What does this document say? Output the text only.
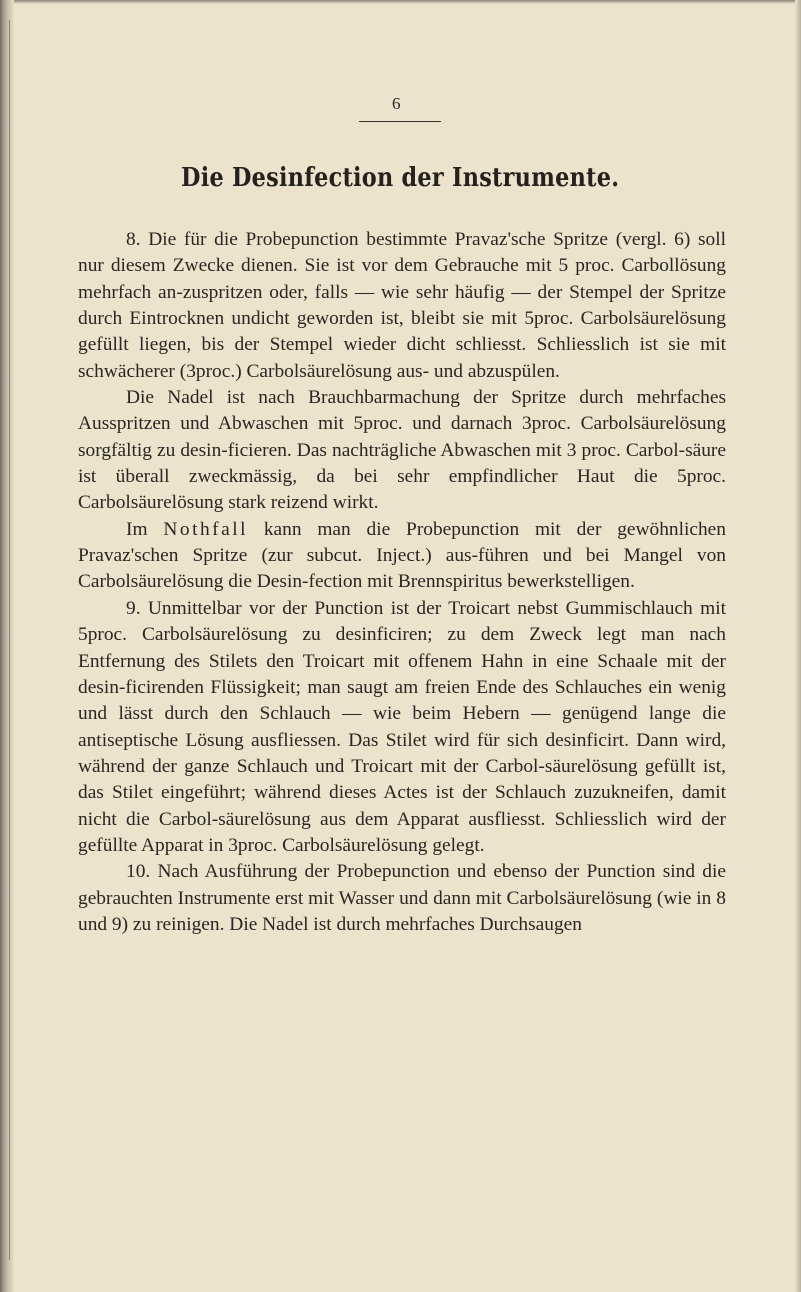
6
Die Desinfection der Instrumente.

8. Die für die Probepunction bestimmte Pravaz'sche Spritze (vergl. 6) soll nur diesem Zwecke dienen. Sie ist vor dem Gebrauche mit 5 proc. Carbollösung mehrfach an-zuspritzen oder, falls — wie sehr häufig — der Stempel der Spritze durch Eintrocknen undicht geworden ist, bleibt sie mit 5proc. Carbolsäurelösung gefüllt liegen, bis der Stempel wieder dicht schliesst. Schliesslich ist sie mit schwächerer (3proc.) Carbolsäurelösung aus- und abzuspülen.

Die Nadel ist nach Brauchbarmachung der Spritze durch mehrfaches Ausspritzen und Abwaschen mit 5proc. und darnach 3proc. Carbolsäurelösung sorgfältig zu desin-ficieren. Das nachträgliche Abwaschen mit 3 proc. Carbol-säure ist überall zweckmässig, da bei sehr empfindlicher Haut die 5proc. Carbolsäurelösung stark reizend wirkt.

Im Nothfall kann man die Probepunction mit der gewöhnlichen Pravaz'schen Spritze (zur subcut. Inject.) aus-führen und bei Mangel von Carbolsäurelösung die Desin-fection mit Brennspiritus bewerkstelligen.

9. Unmittelbar vor der Punction ist der Troicart nebst Gummischlauch mit 5proc. Carbolsäurelösung zu desinficiren; zu dem Zweck legt man nach Entfernung des Stilets den Troicart mit offenem Hahn in eine Schaale mit der desin-ficirenden Flüssigkeit; man saugt am freien Ende des Schlauches ein wenig und lässt durch den Schlauch — wie beim Hebern — genügend lange die antiseptische Lösung ausfliessen. Das Stilet wird für sich desinficirt. Dann wird, während der ganze Schlauch und Troicart mit der Carbol-säurelösung gefüllt ist, das Stilet eingeführt; während dieses Actes ist der Schlauch zuzukneifen, damit nicht die Carbol-säurelösung aus dem Apparat ausfliesst. Schliesslich wird der gefüllte Apparat in 3proc. Carbolsäurelösung gelegt.

10. Nach Ausführung der Probepunction und ebenso der Punction sind die gebrauchten Instrumente erst mit Wasser und dann mit Carbolsäurelösung (wie in 8 und 9) zu reinigen. Die Nadel ist durch mehrfaches Durchsaugen
